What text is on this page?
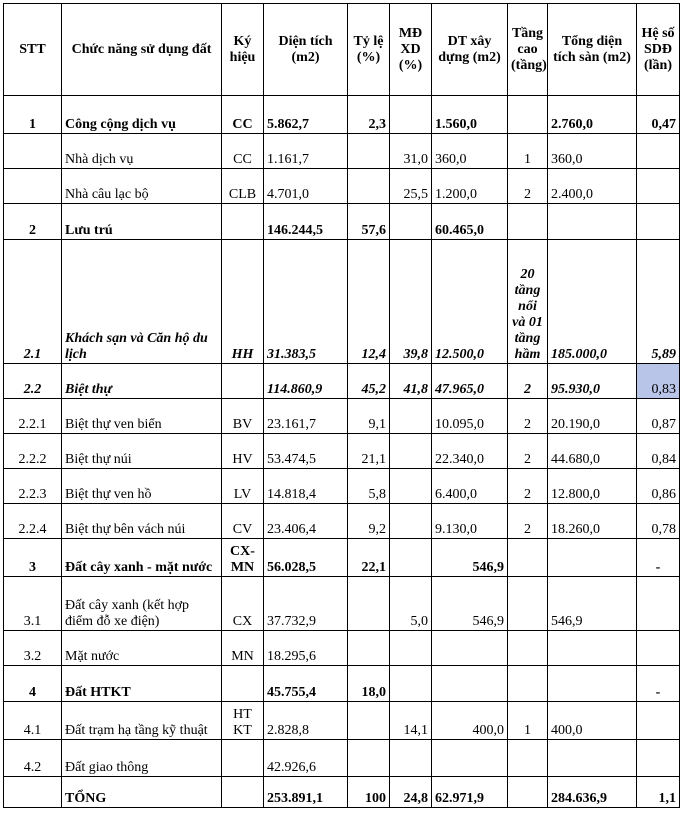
STT	Chức năng sử dụng đất	Ký hiệu	Diện tích (m2)	Tỷ lệ (%)	MĐ XD (%)	DT xây dựng (m2)	Tầng cao (tầng)	Tổng diện tích sàn (m2)	Hệ số SDĐ (lần)
1	Công cộng dịch vụ	CC	5.862,7	2,3		1.560,0		2.760,0	0,47
	Nhà dịch vụ	CC	1.161,7		31,0	360,0	1	360,0	
	Nhà câu lạc bộ	CLB	4.701,0		25,5	1.200,0	2	2.400,0	
2	Lưu trú		146.244,5	57,6		60.465,0			
2.1	Khách sạn và Căn hộ du lịch	HH	31.383,5	12,4	39,8	12.500,0	20 tầng nổi và 01 tầng hầm	185.000,0	5,89
2.2	Biệt thự		114.860,9	45,2	41,8	47.965,0	2	95.930,0	0,83
2.2.1	Biệt thự ven biển	BV	23.161,7	9,1		10.095,0	2	20.190,0	0,87
2.2.2	Biệt thự núi	HV	53.474,5	21,1		22.340,0	2	44.680,0	0,84
2.2.3	Biệt thự ven hồ	LV	14.818,4	5,8		6.400,0	2	12.800,0	0,86
2.2.4	Biệt thự bên vách núi	CV	23.406,4	9,2		9.130,0	2	18.260,0	0,78
3	Đất cây xanh - mặt nước	CX-MN	56.028,5	22,1		546,9			-
3.1	Đất cây xanh (kết hợp điểm đỗ xe điện)	CX	37.732,9		5,0	546,9		546,9	
3.2	Mặt nước	MN	18.295,6						
4	Đất HTKT		45.755,4	18,0					-
4.1	Đất trạm hạ tầng kỹ thuật	HT KT	2.828,8		14,1	400,0	1	400,0	
4.2	Đất giao thông		42.926,6						
	TỔNG		253.891,1	100	24,8	62.971,9		284.636,9	1,1
